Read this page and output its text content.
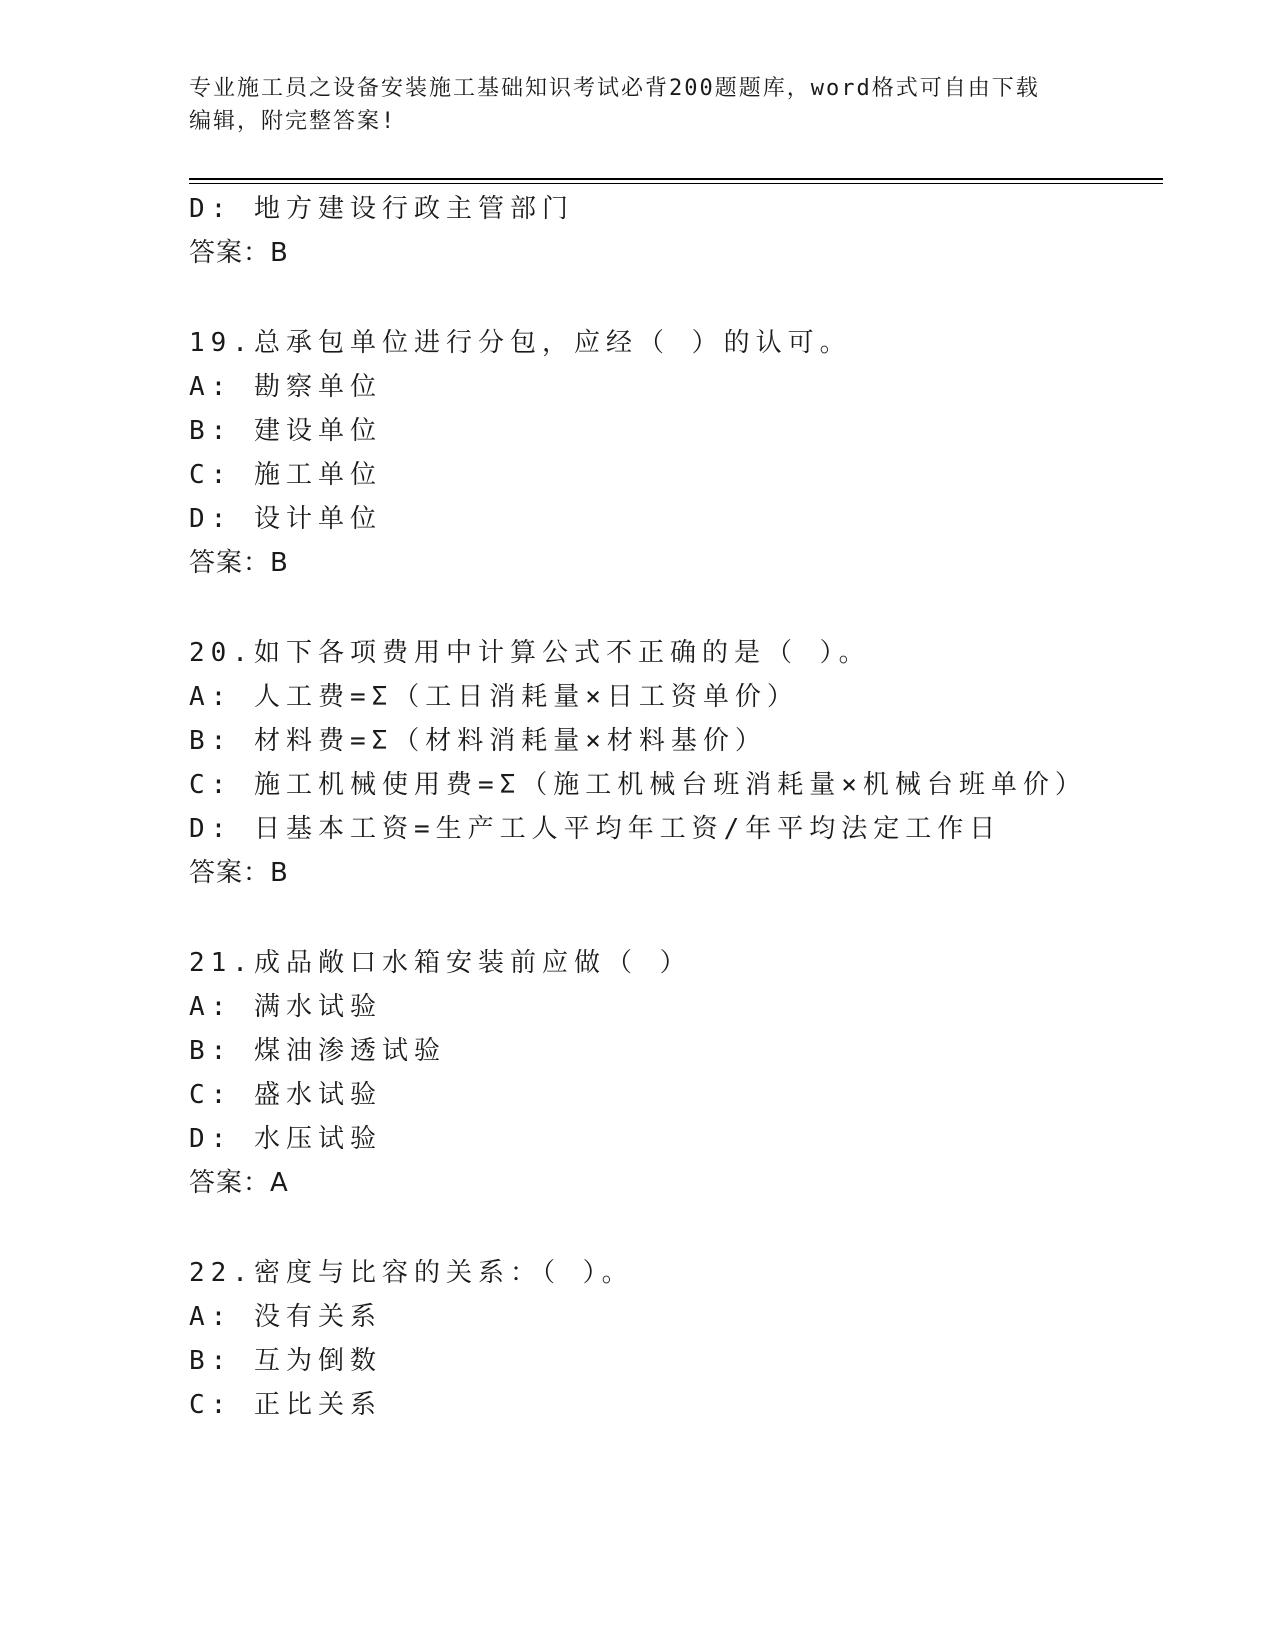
专业施工员之设备安装施工基础知识考试必背200题题库，word格式可自由下载
编辑，附完整答案!
D: 地方建设行政主管部门
答案：B
19.总承包单位进行分包，应经（ ）的认可。
A: 勘察单位
B: 建设单位
C: 施工单位
D: 设计单位
答案：B
20.如下各项费用中计算公式不正确的是（ ）。
A: 人工费=Σ（工日消耗量×日工资单价）
B: 材料费=Σ（材料消耗量×材料基价）
C: 施工机械使用费=Σ（施工机械台班消耗量×机械台班单价）
D: 日基本工资=生产工人平均年工资/年平均法定工作日
答案：B
21.成品敞口水箱安装前应做（ ）
A: 满水试验
B: 煤油渗透试验
C: 盛水试验
D: 水压试验
答案：A
22.密度与比容的关系：（ ）。
A: 没有关系
B: 互为倒数
C: 正比关系
